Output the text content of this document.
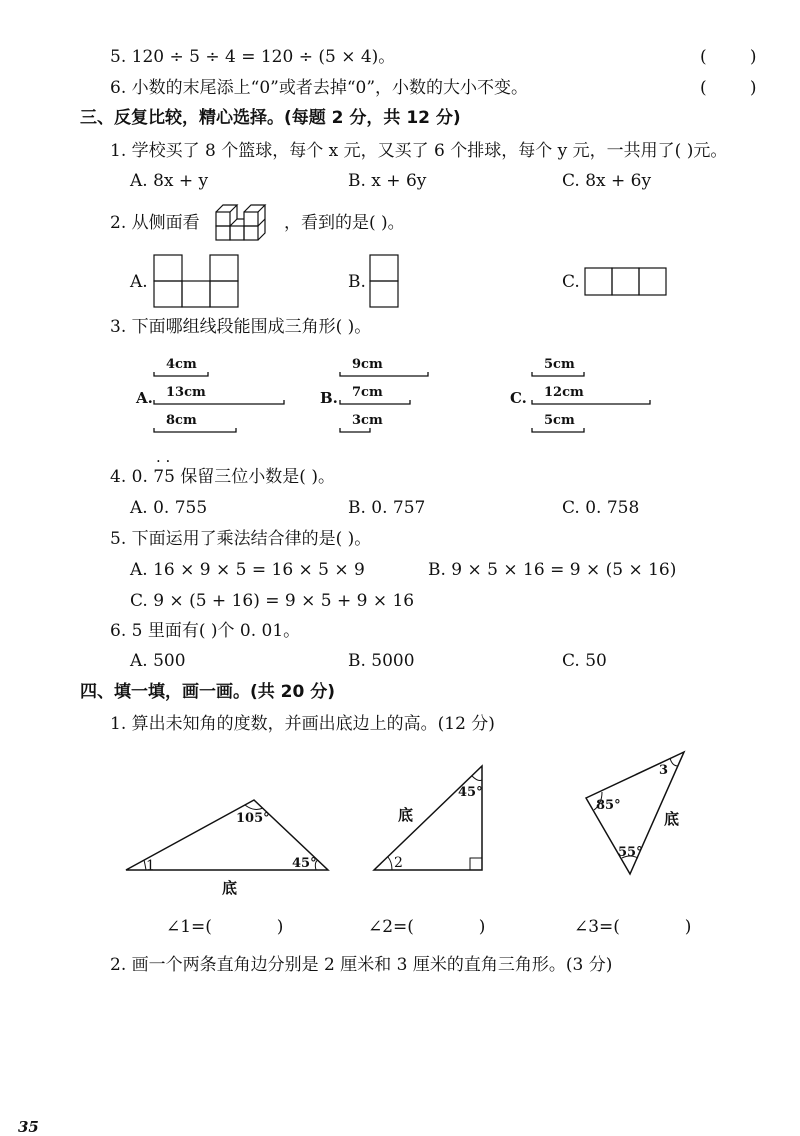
5. 120 ÷ 5 ÷ 4 = 120 ÷ (5 × 4)。	(        )
6. 小数的末尾添上“0”或者去掉“0”，小数的大小不变。	(        )
三、反复比较，精心选择。(每题 2 分，共 12 分)
1. 学校买了 8 个篮球，每个 x 元，又买了 6 个排球，每个 y 元，一共用了( )元。
A. 8x + y	B. x + 6y	C. 8x + 6y
2. 从侧面看	，看到的是( )。
A.	B.	C.
3. 下面哪组线段能围成三角形( )。
A.
4cm
13cm
8cm
B.
9cm
7cm
3cm
C.
5cm
12cm
5cm
. .
4. 0. 75 保留三位小数是( )。
A. 0. 755	B. 0. 757	C. 0. 758
5. 下面运用了乘法结合律的是( )。
A. 16 × 9 × 5 = 16 × 5 × 9	B. 9 × 5 × 16 = 9 × (5 × 16)
C. 9 × (5 + 16) = 9 × 5 + 9 × 16
6. 5 里面有( )个 0. 01。
A. 500	B. 5000	C. 50
四、填一填，画一画。(共 20 分)
1. 算出未知角的度数，并画出底边上的高。(12 分)
105°
1	45°
底
45°
底
2
3
85°
底
55°
∠1=(            )	∠2=(            )	∠3=(            )
2. 画一个两条直角边分别是 2 厘米和 3 厘米的直角三角形。(3 分)
35
